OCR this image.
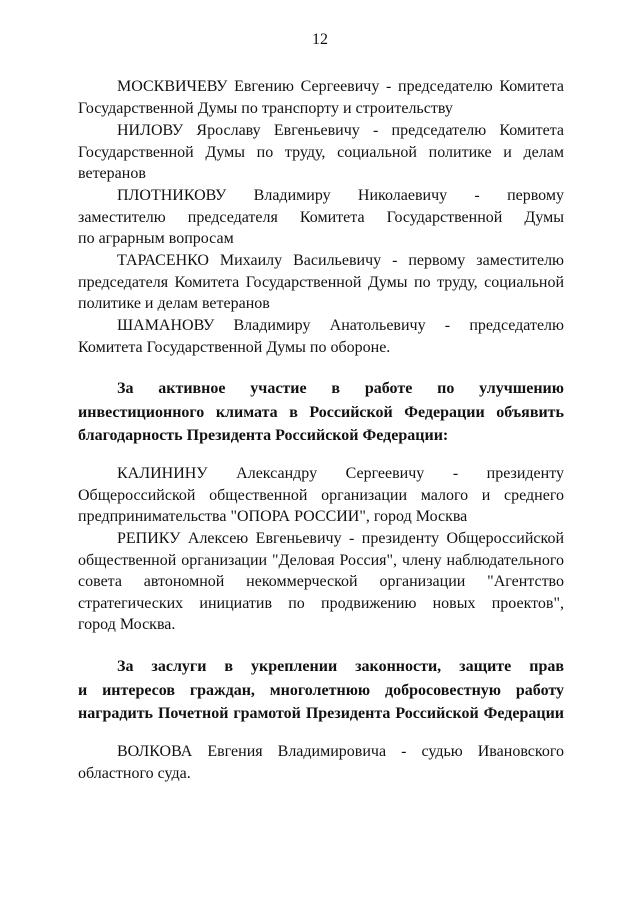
12
МОСКВИЧЕВУ Евгению Сергеевичу - председателю Комитета
Государственной Думы по транспорту и строительству
НИЛОВУ Ярославу Евгеньевичу - председателю Комитета
Государственной Думы по труду, социальной политике и делам
ветеранов
ПЛОТНИКОВУ Владимиру Николаевичу - первому
заместителю председателя Комитета Государственной Думы
по аграрным вопросам
ТАРАСЕНКО Михаилу Васильевичу - первому заместителю
председателя Комитета Государственной Думы по труду, социальной
политике и делам ветеранов
ШАМАНОВУ Владимиру Анатольевичу - председателю
Комитета Государственной Думы по обороне.
За активное участие в работе по улучшению
инвестиционного климата в Российской Федерации объявить
благодарность Президента Российской Федерации:
КАЛИНИНУ Александру Сергеевичу - президенту
Общероссийской общественной организации малого и среднего
предпринимательства "ОПОРА РОССИИ", город Москва
РЕПИКУ Алексею Евгеньевичу - президенту Общероссийской
общественной организации "Деловая Россия", члену наблюдательного
совета автономной некоммерческой организации "Агентство
стратегических инициатив по продвижению новых проектов",
город Москва.
За заслуги в укреплении законности, защите прав
и интересов граждан, многолетнюю добросовестную работу
наградить Почетной грамотой Президента Российской Федерации
ВОЛКОВА Евгения Владимировича - судью Ивановского
областного суда.
